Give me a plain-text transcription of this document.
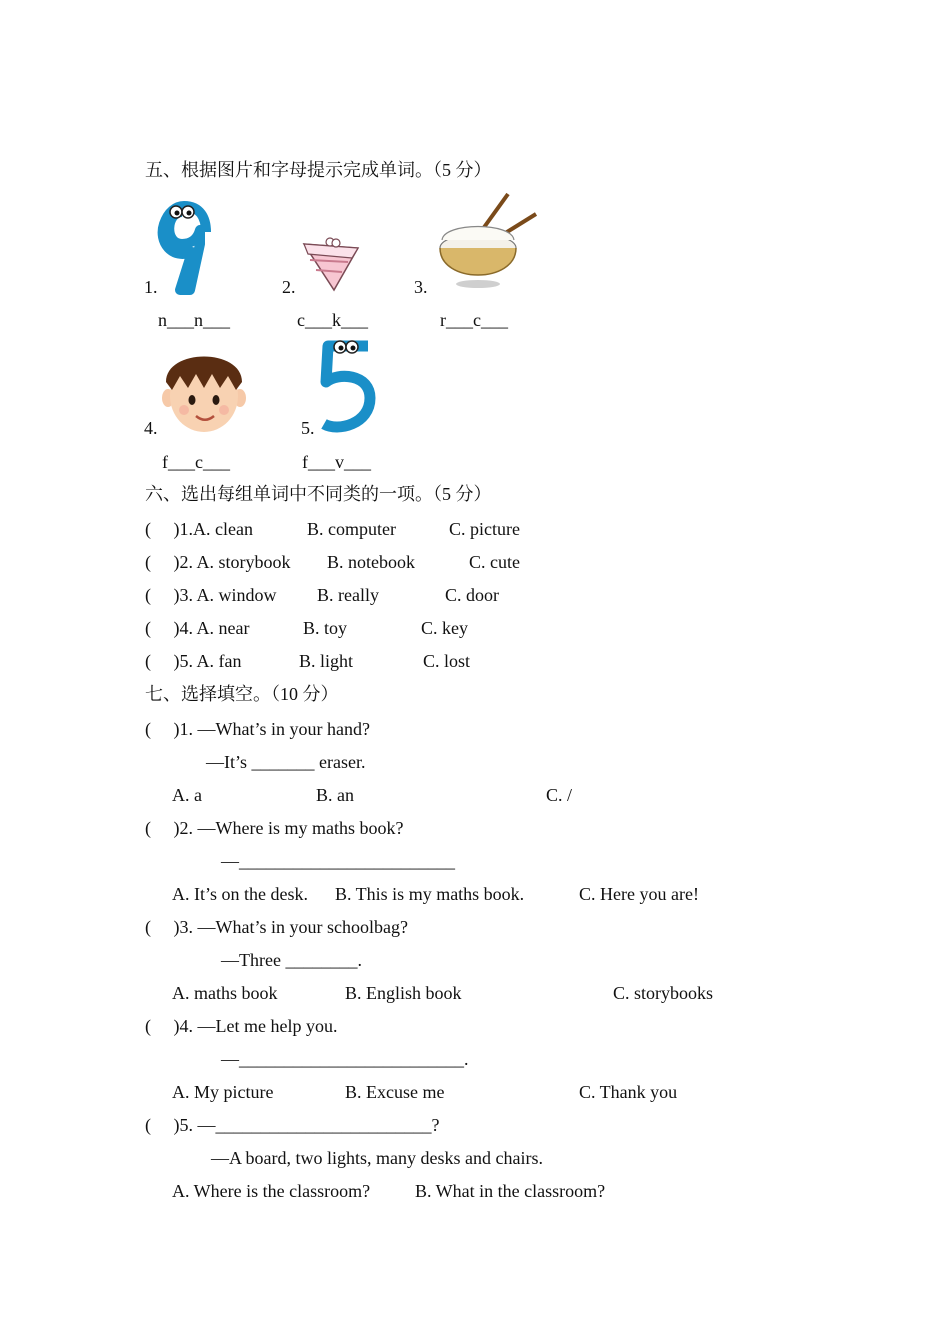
五、根据图片和字母提示完成单词。（5 分）
1.
n___n___
2.
c___k___
3.
r___c___
4.
f___c___
5.
f___v___
六、选出每组单词中不同类的一项。（5 分）
(     )1.A. clean	B. computer	C. picture
(     )2. A. storybook B. notebook	C. cute
(     )3. A. window B. really	C. door
(     )4. A. near	B. toy	C. key
(     )5. A. fan	B. light	C. lost
七、选择填空。（10 分）
(     )1. —What’s in your hand?
—It’s _______ eraser.
A. a	B. an	C. /
(     )2. —Where is my maths book?
—________________________
A. It’s on the desk. B. This is my maths book.	C. Here you are!
(     )3. —What’s in your schoolbag?
—Three ________.
A. maths book	B. English book	C. storybooks
(     )4. —Let me help you.
—_________________________.
A. My picture	B. Excuse me	C. Thank you
(     )5. —________________________?
—A board, two lights, many desks and chairs.
A. Where is the classroom? B. What in the classroom?
